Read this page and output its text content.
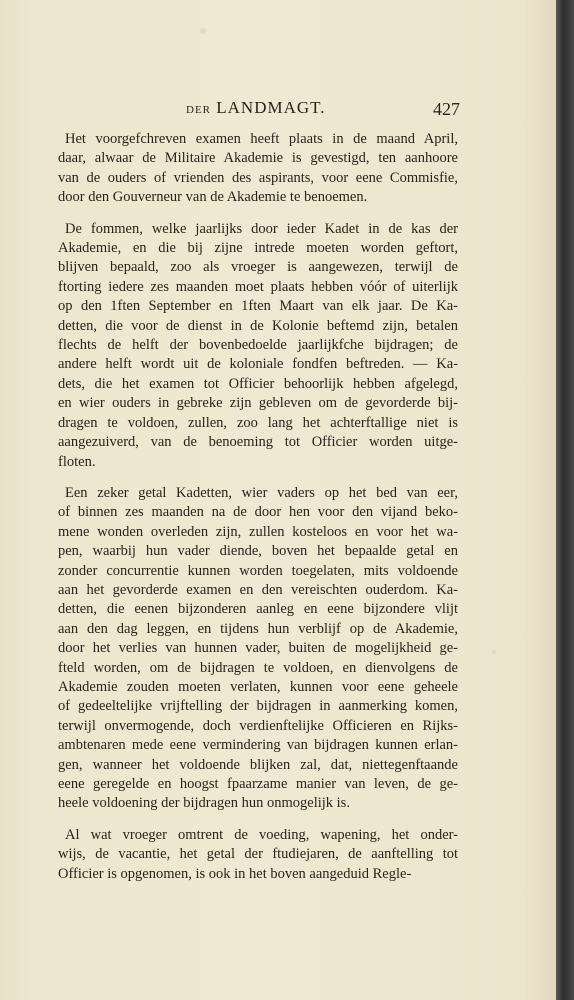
DER LANDMAGT.	427
Het voorgefchreven examen heeft plaats in de maand April,
daar, alwaar de Militaire Akademie is gevestigd, ten aanhoore
van de ouders of vrienden des aspirants, voor eene Commisfie,
door den Gouverneur van de Akademie te benoemen.
De fommen, welke jaarlijks door ieder Kadet in de kas der
Akademie, en die bij zijne intrede moeten worden geftort,
blijven bepaald, zoo als vroeger is aangewezen, terwijl de
ftorting iedere zes maanden moet plaats hebben vóór of uiterlijk
op den 1ften September en 1ften Maart van elk jaar. De Ka-
detten, die voor de dienst in de Kolonie beftemd zijn, betalen
flechts de helft der bovenbedoelde jaarlijkfche bijdragen; de
andere helft wordt uit de koloniale fondfen beftreden. — Ka-
dets, die het examen tot Officier behoorlijk hebben afgelegd,
en wier ouders in gebreke zijn gebleven om de gevorderde bij-
dragen te voldoen, zullen, zoo lang het achterftallige niet is
aangezuiverd, van de benoeming tot Officier worden uitge-
floten.
Een zeker getal Kadetten, wier vaders op het bed van eer,
of binnen zes maanden na de door hen voor den vijand beko-
mene wonden overleden zijn, zullen kosteloos en voor het wa-
pen, waarbij hun vader diende, boven het bepaalde getal en
zonder concurrentie kunnen worden toegelaten, mits voldoende
aan het gevorderde examen en den vereischten ouderdom. Ka-
detten, die eenen bijzonderen aanleg en eene bijzondere vlijt
aan den dag leggen, en tijdens hun verblijf op de Akademie,
door het verlies van hunnen vader, buiten de mogelijkheid ge-
fteld worden, om de bijdragen te voldoen, en dienvolgens de
Akademie zouden moeten verlaten, kunnen voor eene geheele
of gedeeltelijke vrijftelling der bijdragen in aanmerking komen,
terwijl onvermogende, doch verdienftelijke Officieren en Rijks-
ambtenaren mede eene vermindering van bijdragen kunnen erlan-
gen, wanneer het voldoende blijken zal, dat, niettegenftaande
eene geregelde en hoogst fpaarzame manier van leven, de ge-
heele voldoening der bijdragen hun onmogelijk is.
Al wat vroeger omtrent de voeding, wapening, het onder-
wijs, de vacantie, het getal der ftudiejaren, de aanftelling tot
Officier is opgenomen, is ook in het boven aangeduid Regle-
